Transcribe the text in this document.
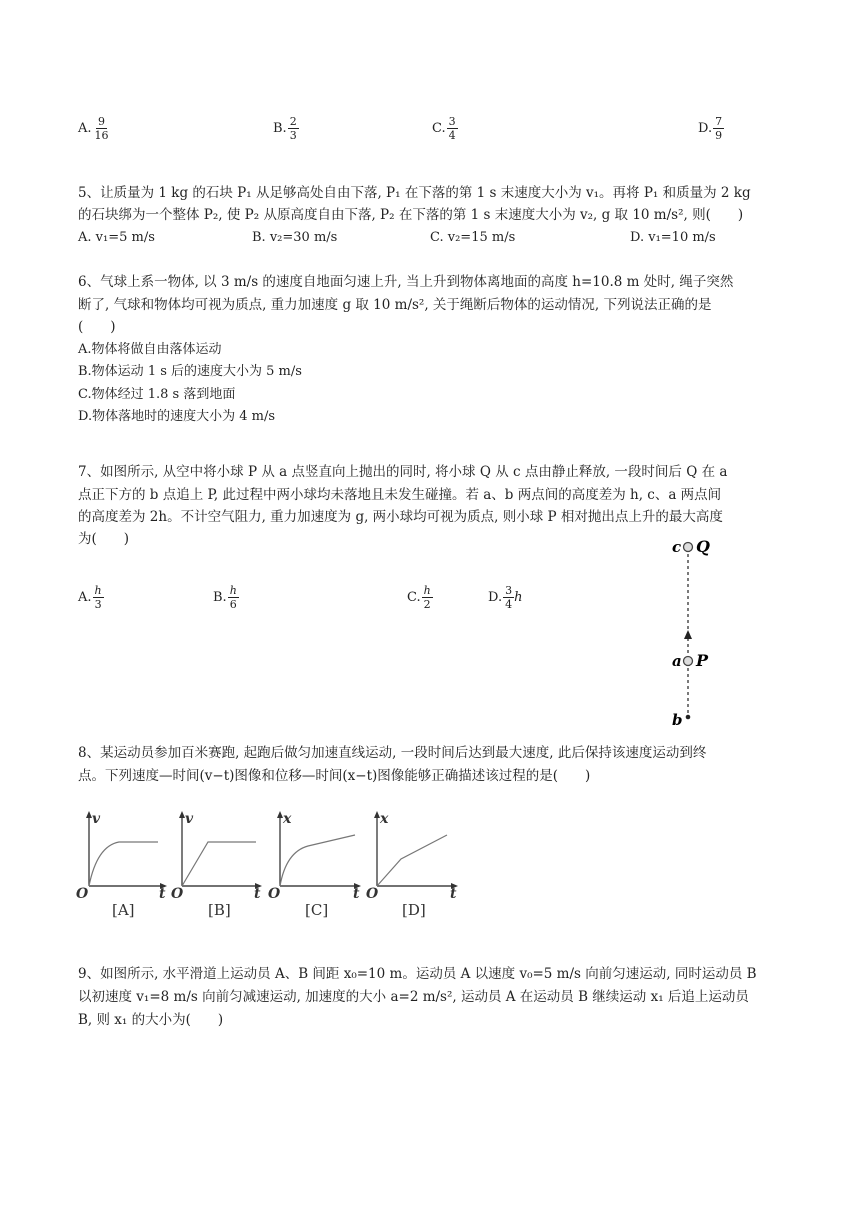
A. $\frac{9}{16}$	B. $\frac{2}{3}$	C. $\frac{3}{4}$	D. $\frac{7}{9}$
5、让质量为 1 kg 的石块 P₁ 从足够高处自由下落, P₁ 在下落的第 1 s 末速度大小为 v₁。再将 P₁ 和质量为 2 kg
的石块绑为一个整体 P₂, 使 P₂ 从原高度自由下落, P₂ 在下落的第 1 s 末速度大小为 v₂, g 取 10 m/s², 则(　　)
A. v₁=5 m/s	B. v₂=30 m/s	C. v₂=15 m/s	D. v₁=10 m/s
6、气球上系一物体, 以 3 m/s 的速度自地面匀速上升, 当上升到物体离地面的高度 h=10.8 m 处时, 绳子突然
断了, 气球和物体均可视为质点, 重力加速度 g 取 10 m/s², 关于绳断后物体的运动情况, 下列说法正确的是
(　　)
A.物体将做自由落体运动
B.物体运动 1 s 后的速度大小为 5 m/s
C.物体经过 1.8 s 落到地面
D.物体落地时的速度大小为 4 m/s
7、如图所示, 从空中将小球 P 从 a 点竖直向上抛出的同时, 将小球 Q 从 c 点由静止释放, 一段时间后 Q 在 a
点正下方的 b 点追上 P, 此过程中两小球均未落地且未发生碰撞。若 a、b 两点间的高度差为 h, c、a 两点间
的高度差为 2h。不计空气阻力, 重力加速度为 g, 两小球均可视为质点, 则小球 P 相对抛出点上升的最大高度
为(　　)
A. $\frac{h}{3}$	B. $\frac{h}{6}$	C. $\frac{h}{2}$	D. $\frac{3}{4}$ h
c Q
a P
b
8、某运动员参加百米赛跑, 起跑后做匀加速直线运动, 一段时间后达到最大速度, 此后保持该速度运动到终
点。下列速度—时间(v−t)图像和位移—时间(x−t)图像能够正确描述该过程的是(　　)
v	v	x	x
t	t	t	t
O	O	O	O
[A]	[B]	[C]	[D]
9、如图所示, 水平滑道上运动员 A、B 间距 x₀=10 m。运动员 A 以速度 v₀=5 m/s 向前匀速运动, 同时运动员 B
以初速度 v₁=8 m/s 向前匀减速运动, 加速度的大小 a=2 m/s², 运动员 A 在运动员 B 继续运动 x₁ 后追上运动员
B, 则 x₁ 的大小为(　　)
